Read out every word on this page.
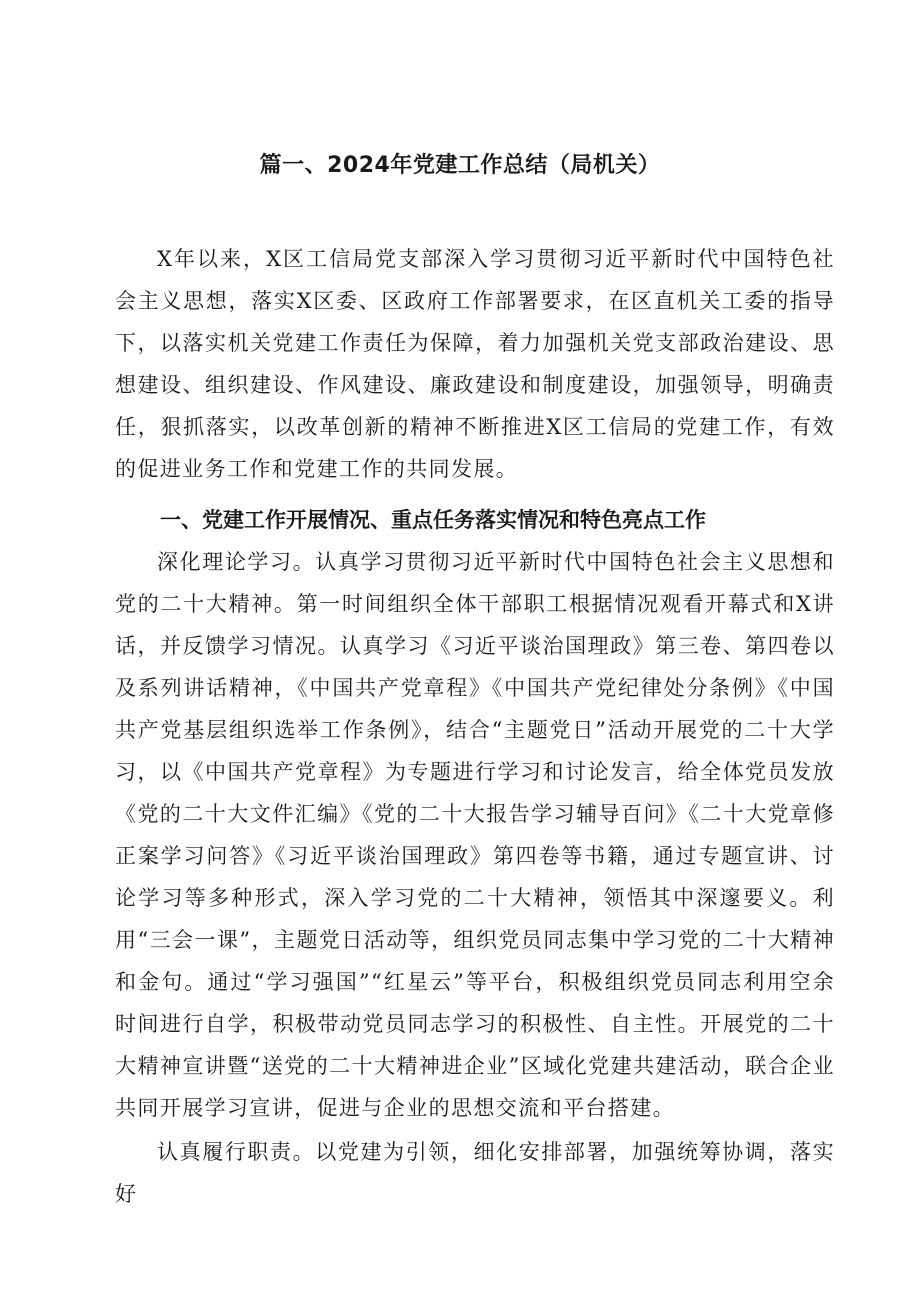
篇一、2024年党建工作总结（局机关）

X年以来，X区工信局党支部深入学习贯彻习近平新时代中国特色社会主义思想，落实X区委、区政府工作部署要求，在区直机关工委的指导下，以落实机关党建工作责任为保障，着力加强机关党支部政治建设、思想建设、组织建设、作风建设、廉政建设和制度建设，加强领导，明确责任，狠抓落实，以改革创新的精神不断推进X区工信局的党建工作，有效的促进业务工作和党建工作的共同发展。

一、党建工作开展情况、重点任务落实情况和特色亮点工作

深化理论学习。认真学习贯彻习近平新时代中国特色社会主义思想和党的二十大精神。第一时间组织全体干部职工根据情况观看开幕式和X讲话，并反馈学习情况。认真学习《习近平谈治国理政》第三卷、第四卷以及系列讲话精神，《中国共产党章程》《中国共产党纪律处分条例》《中国共产党基层组织选举工作条例》，结合“主题党日”活动开展党的二十大学习，以《中国共产党章程》为专题进行学习和讨论发言，给全体党员发放《党的二十大文件汇编》《党的二十大报告学习辅导百问》《二十大党章修正案学习问答》《习近平谈治国理政》第四卷等书籍，通过专题宣讲、讨论学习等多种形式，深入学习党的二十大精神，领悟其中深邃要义。利用“三会一课”，主题党日活动等，组织党员同志集中学习党的二十大精神和金句。通过“学习强国”“红星云”等平台，积极组织党员同志利用空余时间进行自学，积极带动党员同志学习的积极性、自主性。开展党的二十大精神宣讲暨“送党的二十大精神进企业”区域化党建共建活动，联合企业共同开展学习宣讲，促进与企业的思想交流和平台搭建。

认真履行职责。以党建为引领，细化安排部署，加强统筹协调，落实好
